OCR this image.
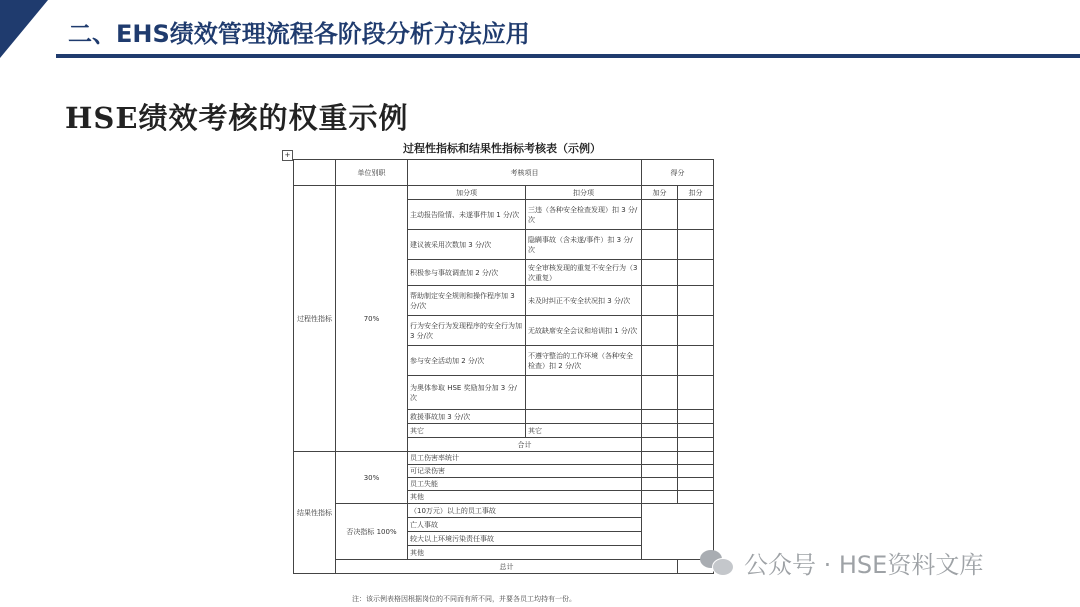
二、EHS绩效管理流程各阶段分析方法应用
HSE绩效考核的权重示例
过程性指标和结果性指标考核表（示例）
+
	单位别职	考核项目		得分	
过程性指标	70%	加分项	扣分项	加分	扣分
		主动报告险情、未遂事件加 1 分/次	三违（各种安全检查发现）扣 3 分/次		
		建议被采用次数加 3 分/次	隐瞒事故（含未遂/事件）扣 3 分/次		
		积极参与事故调查加 2 分/次	安全审核发现的重复不安全行为（3 次重复）		
		帮助制定安全规则和操作程序加 3 分/次	未及时纠正不安全状况扣 3 分/次		
		行为安全行为发现程序的安全行为加 3 分/次	无故缺席安全会议和培训扣 1 分/次		
		参与安全活动加 2 分/次	不遵守整治的工作环境（各种安全检查）扣 2 分/次		
		为奥体参取 HSE 奖励加分加 3 分/次			
		救援事故加 3 分/次			
		其它	其它		
		合计			
结果性指标	30%	员工伤害率统计			
		可记录伤害			
		员工失能			
		其他			
	否决指标 100%	（10万元）以上的员工事故			
		亡人事故			
		较大以上环境污染责任事故			
		其他			
	总计				
注：该示例表格因根据岗位的不同而有所不同，并要各员工均持有一份。
公众号 · HSE资料文库
